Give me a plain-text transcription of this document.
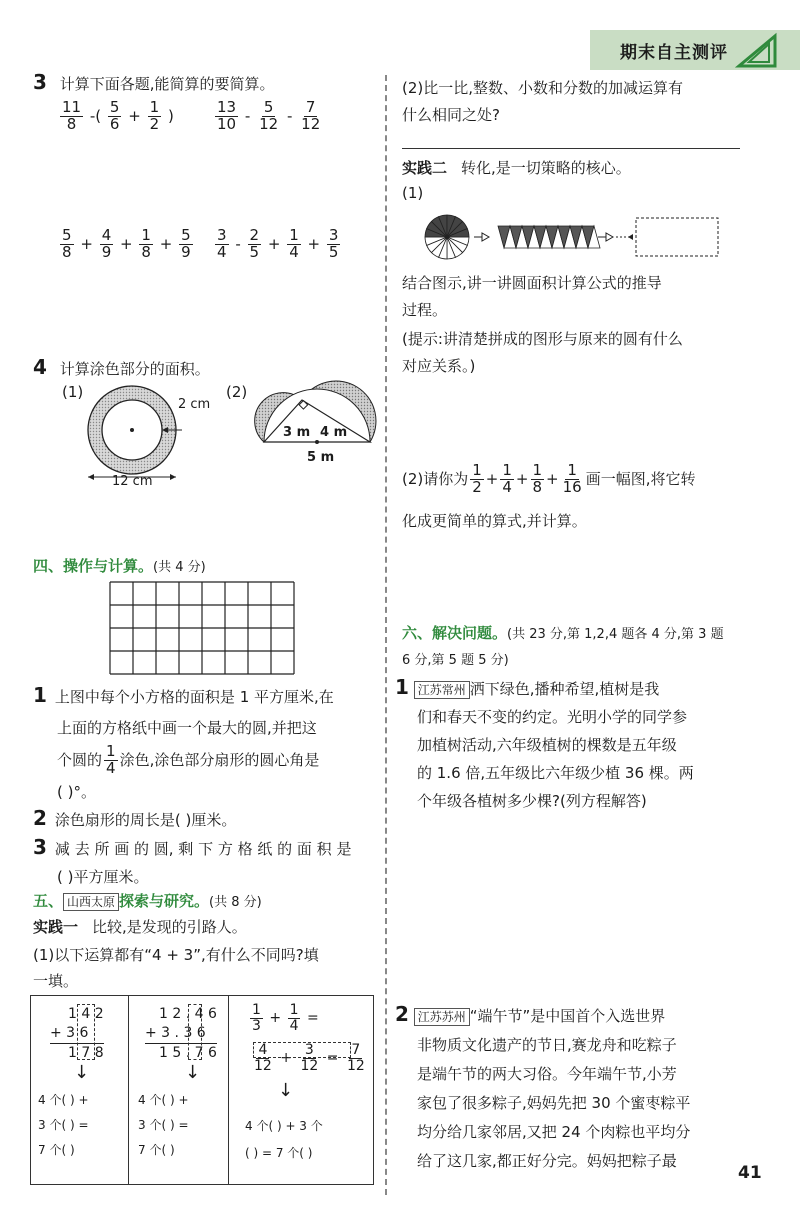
期末自主测评
3 计算下面各题,能简算的要简算。
$\frac{11}{8}$ -( $\frac{5}{6} + \frac{1}{2}$ )	$\frac{13}{10} - \frac{5}{12} - \frac{7}{12}$
$\frac{5}{8} + \frac{4}{9} + \frac{1}{8} + \frac{5}{9} \frac{3}{4} - \frac{2}{5} + \frac{1}{4} + \frac{3}{5}$
4 计算涂色部分的面积。
(1)
2 cm
12 cm
(2)
3 m 4 m
5 m
四、操作与计算。(共 4 分)
1 上图中每个小方格的面积是 1 平方厘米,在
上面的方格纸中画一个最大的圆,并把这
个圆的 $\frac{1}{4}$ 涂色,涂色部分扇形的圆心角是
( )°。
2 涂色扇形的周长是( )厘米。
3 减 去 所 画 的 圆, 剩 下 方 格 纸 的 面 积 是
( )平方厘米。
五、 山西太原 探索与研究。(共 8 分)
实践一 比较,是发现的引路人。
(1)以下运算都有“4 + 3”,有什么不同吗?填
一填。
1 4 2
+ 3 6
1 7 8
↓
4 个( ) +
3 个( ) =
7 个( )
1 2 . 4 6
+ 3 . 3 6
1 5 . 7 6
↓
4 个( ) +
3 个( ) =
7 个( )
$\frac{1}{3} + \frac{1}{4}$ =
$\frac{4}{12} + \frac{3}{12} = \frac{7}{12}$
↓
4 个( ) + 3 个
( ) = 7 个( )
(2)比一比,整数、小数和分数的加减运算有
什么相同之处?
实践二 转化,是一切策略的核心。
(1)
结合图示,讲一讲圆面积计算公式的推导
过程。
(提示:讲清楚拼成的图形与原来的圆有什么
对应关系。)
(2)请你为 $\frac{1}{2} + \frac{1}{4} + \frac{1}{8} + \frac{1}{16}$ 画一幅图,将它转
化成更简单的算式,并计算。
六、解决问题。(共 23 分,第 1,2,4 题各 4 分,第 3 题
6 分,第 5 题 5 分)
1 江苏常州 洒下绿色,播种希望,植树是我
们和春天不变的约定。光明小学的同学参
加植树活动,六年级植树的棵数是五年级
的 1.6 倍,五年级比六年级少植 36 棵。两
个年级各植树多少棵?(列方程解答)
2 江苏苏州 “端午节”是中国首个入选世界
非物质文化遗产的节日,赛龙舟和吃粽子
是端午节的两大习俗。今年端午节,小芳
家包了很多粽子,妈妈先把 30 个蜜枣粽平
均分给几家邻居,又把 24 个肉粽也平均分
给了这几家,都正好分完。妈妈把粽子最
41
